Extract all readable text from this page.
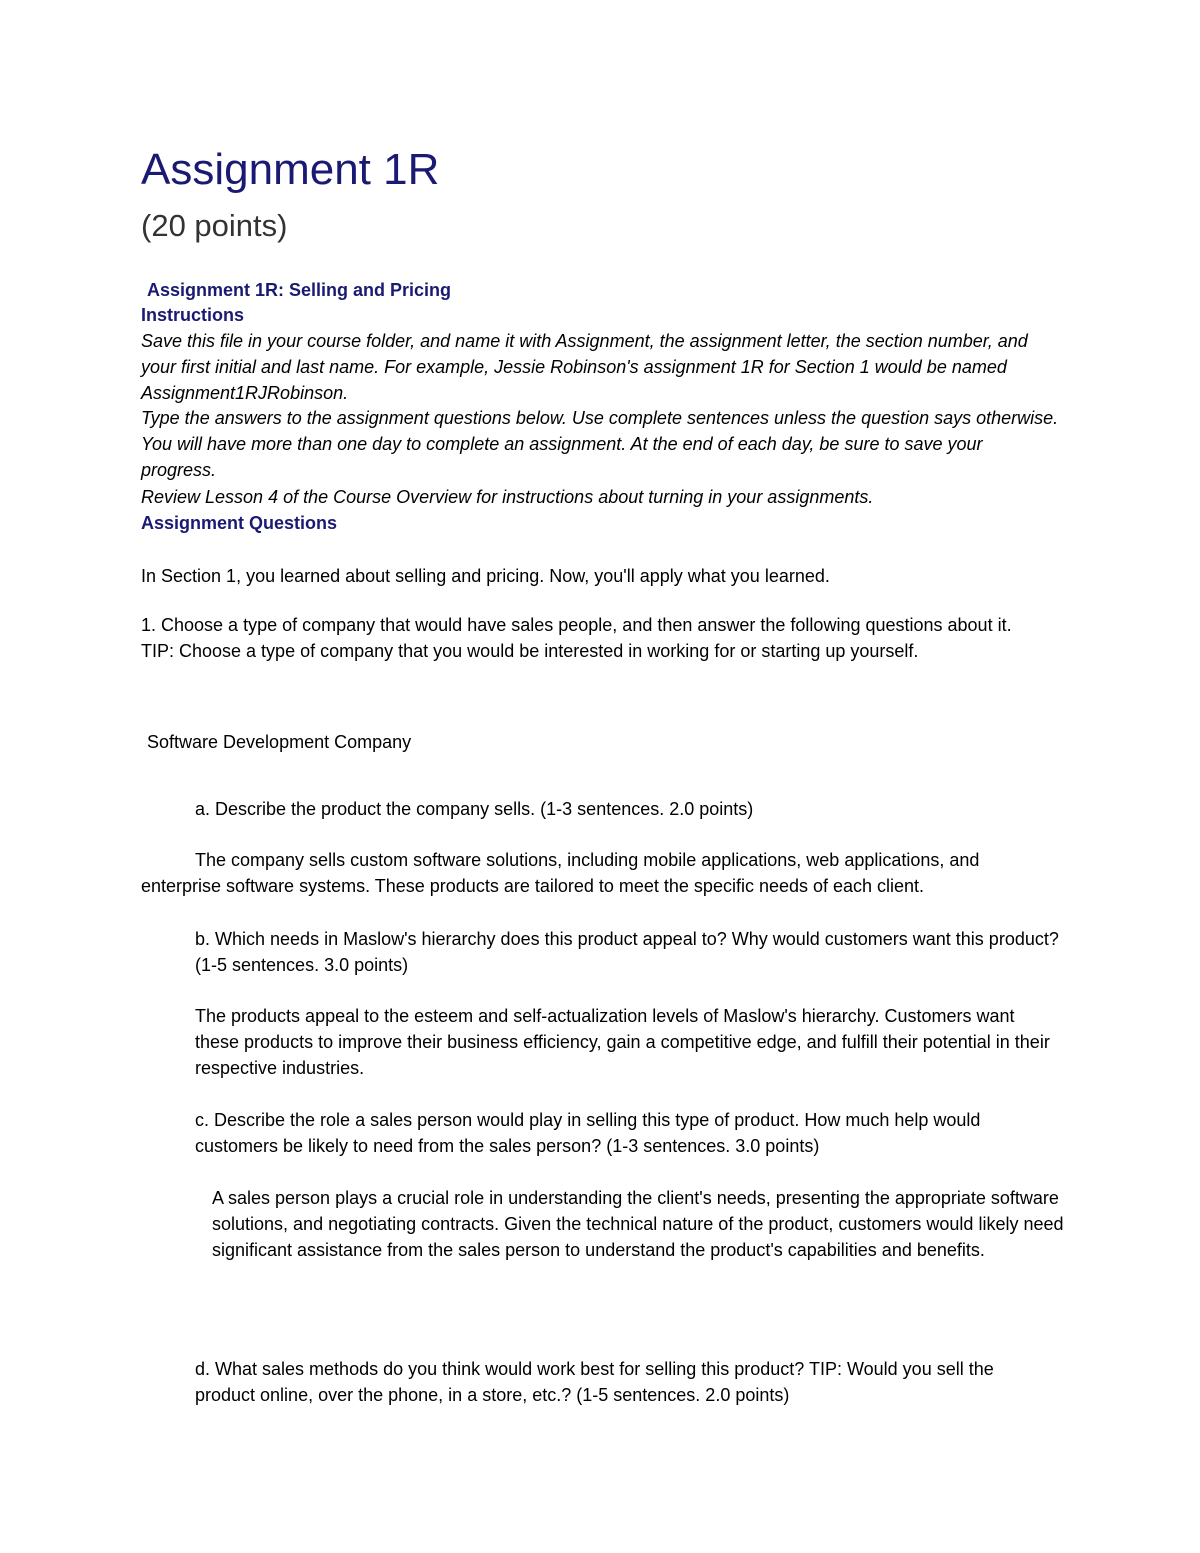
Assignment 1R
(20 points)
Assignment 1R: Selling and Pricing
Instructions

Save this file in your course folder, and name it with Assignment, the assignment letter, the section number, and your first initial and last name. For example, Jessie Robinson's assignment 1R for Section 1 would be named Assignment1RJRobinson.

Type the answers to the assignment questions below. Use complete sentences unless the question says otherwise. You will have more than one day to complete an assignment. At the end of each day, be sure to save your progress.

Review Lesson 4 of the Course Overview for instructions about turning in your assignments.

Assignment Questions

In Section 1, you learned about selling and pricing. Now, you'll apply what you learned.

1. Choose a type of company that would have sales people, and then answer the following questions about it. TIP: Choose a type of company that you would be interested in working for or starting up yourself.

Software Development Company

a. Describe the product the company sells. (1-3 sentences. 2.0 points)

The company sells custom software solutions, including mobile applications, web applications, and enterprise software systems. These products are tailored to meet the specific needs of each client.

b. Which needs in Maslow's hierarchy does this product appeal to? Why would customers want this product? (1-5 sentences. 3.0 points)

The products appeal to the esteem and self-actualization levels of Maslow's hierarchy. Customers want these products to improve their business efficiency, gain a competitive edge, and fulfill their potential in their respective industries.

c. Describe the role a sales person would play in selling this type of product. How much help would customers be likely to need from the sales person? (1-3 sentences. 3.0 points)

A sales person plays a crucial role in understanding the client's needs, presenting the appropriate software solutions, and negotiating contracts. Given the technical nature of the product, customers would likely need significant assistance from the sales person to understand the product's capabilities and benefits.

d. What sales methods do you think would work best for selling this product? TIP: Would you sell the product online, over the phone, in a store, etc.? (1-5 sentences. 2.0 points)
